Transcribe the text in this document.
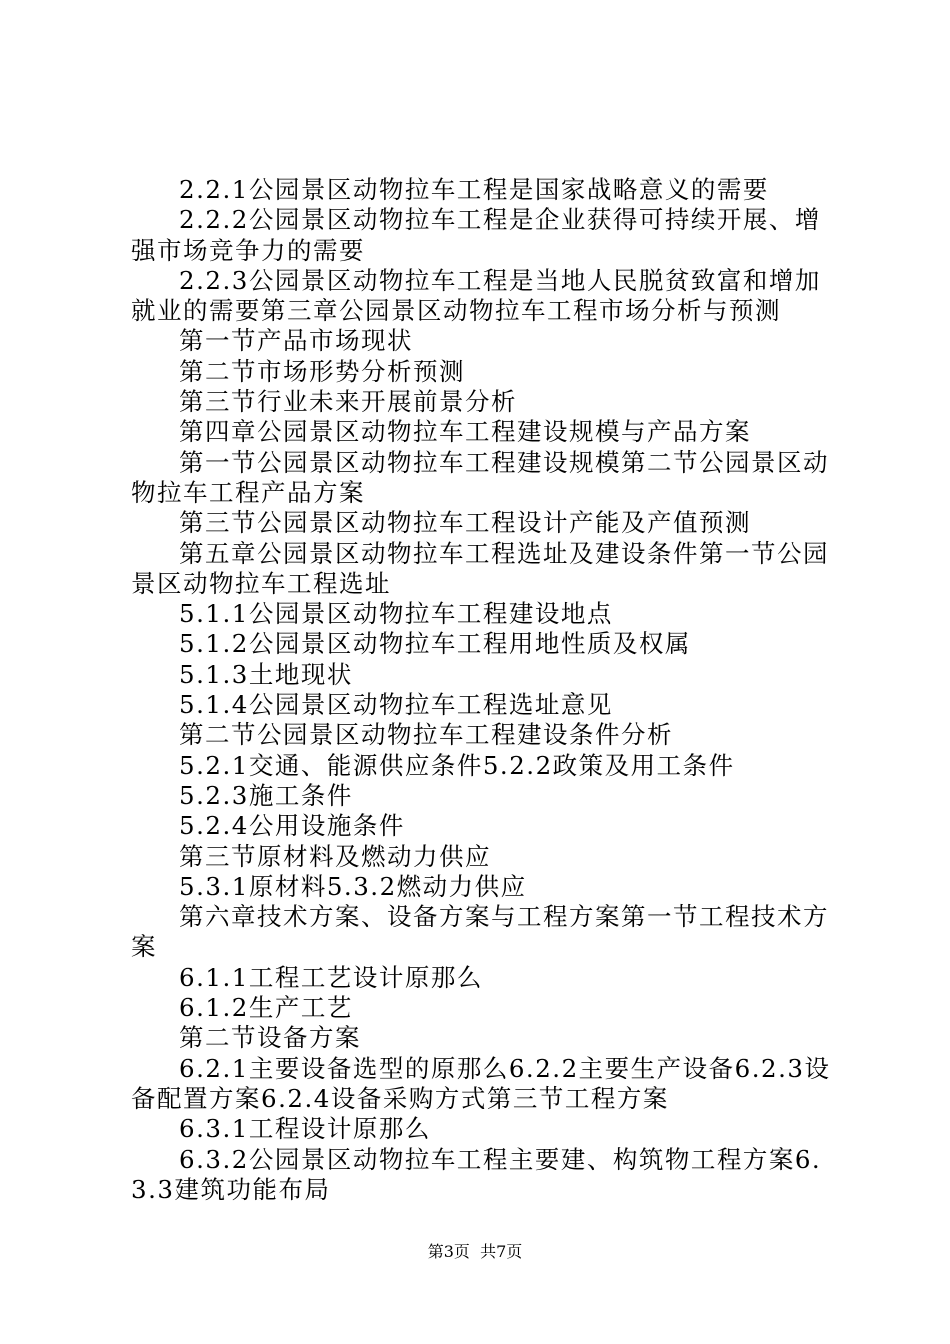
2.2.1公园景区动物拉车工程是国家战略意义的需要

2.2.2公园景区动物拉车工程是企业获得可持续开展、增强市场竞争力的需要

2.2.3公园景区动物拉车工程是当地人民脱贫致富和增加就业的需要第三章公园景区动物拉车工程市场分析与预测

第一节产品市场现状

第二节市场形势分析预测

第三节行业未来开展前景分析

第四章公园景区动物拉车工程建设规模与产品方案

第一节公园景区动物拉车工程建设规模第二节公园景区动物拉车工程产品方案

第三节公园景区动物拉车工程设计产能及产值预测

第五章公园景区动物拉车工程选址及建设条件第一节公园景区动物拉车工程选址

5.1.1公园景区动物拉车工程建设地点

5.1.2公园景区动物拉车工程用地性质及权属

5.1.3土地现状

5.1.4公园景区动物拉车工程选址意见

第二节公园景区动物拉车工程建设条件分析

5.2.1交通、能源供应条件5.2.2政策及用工条件

5.2.3施工条件

5.2.4公用设施条件

第三节原材料及燃动力供应

5.3.1原材料5.3.2燃动力供应

第六章技术方案、设备方案与工程方案第一节工程技术方案

6.1.1工程工艺设计原那么

6.1.2生产工艺

第二节设备方案

6.2.1主要设备选型的原那么6.2.2主要生产设备6.2.3设备配置方案6.2.4设备采购方式第三节工程方案

6.3.1工程设计原那么

6.3.2公园景区动物拉车工程主要建、构筑物工程方案6.3.3建筑功能布局

第3页  共7页
